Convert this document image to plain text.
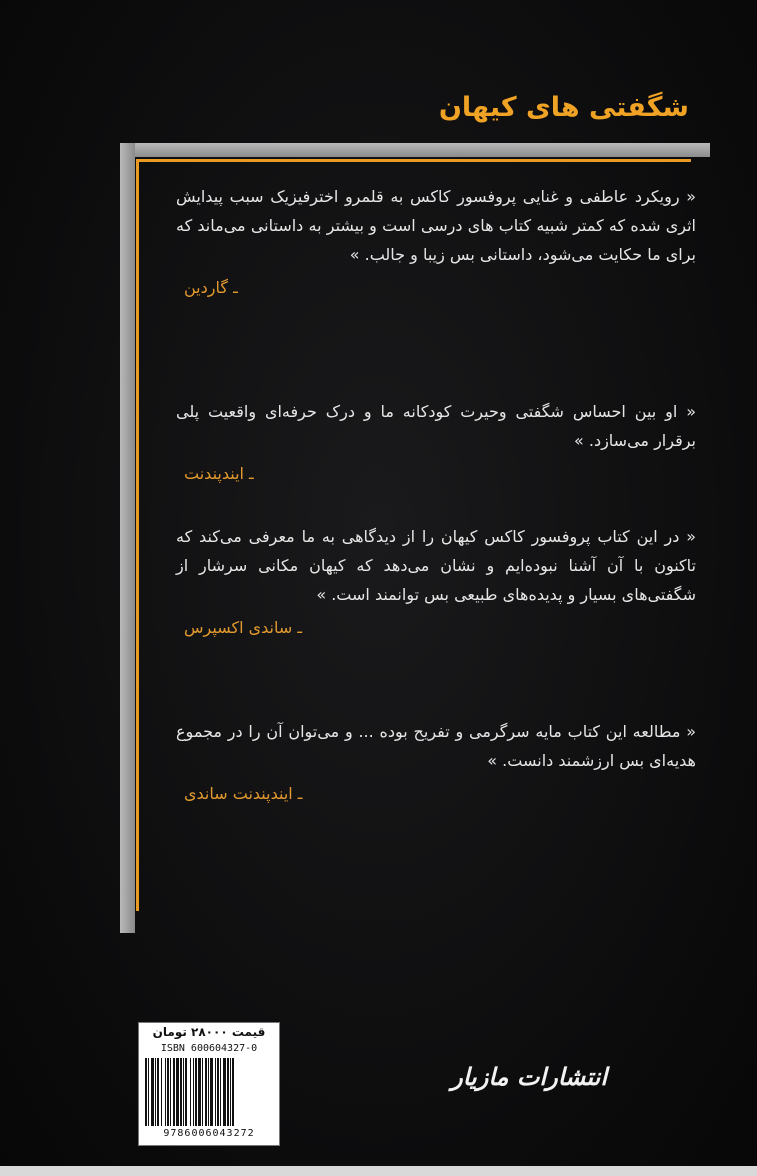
شگفتی های کیهان

« رویکرد عاطفی و غنایی پروفسور کاکس به قلمرو اخترفیزیک سبب پیدایش اثری شده که کمتر شبیه کتاب های درسی است و بیشتر به داستانی می‌ماند که برای ما حکایت می‌شود، داستانی بس زیبا و جالب. »

ـ گاردین

« او بین احساس شگفتی وحیرت کودکانه ما و درک حرفه‌ای واقعیت پلی برقرار می‌سازد. »

ـ ایندپندنت

« در این کتاب پروفسور کاکس کیهان را از دیدگاهی به ما معرفی می‌کند که تاکنون با آن آشنا نبوده‌ایم و نشان می‌دهد که کیهان مکانی سرشار از شگفتی‌های بسیار و پدیده‌های طبیعی بس توانمند است. »

ـ ساندی اکسپرس

« مطالعه این کتاب مایه سرگرمی و تفریح بوده ... و می‌توان آن را در مجموع هدیه‌ای بس ارزشمند دانست. »

ـ ایندپندنت ساندی
قیمت ۲۸۰۰۰ تومان
ISBN 600604327-0
9786006043272
انتشارات مازیار
